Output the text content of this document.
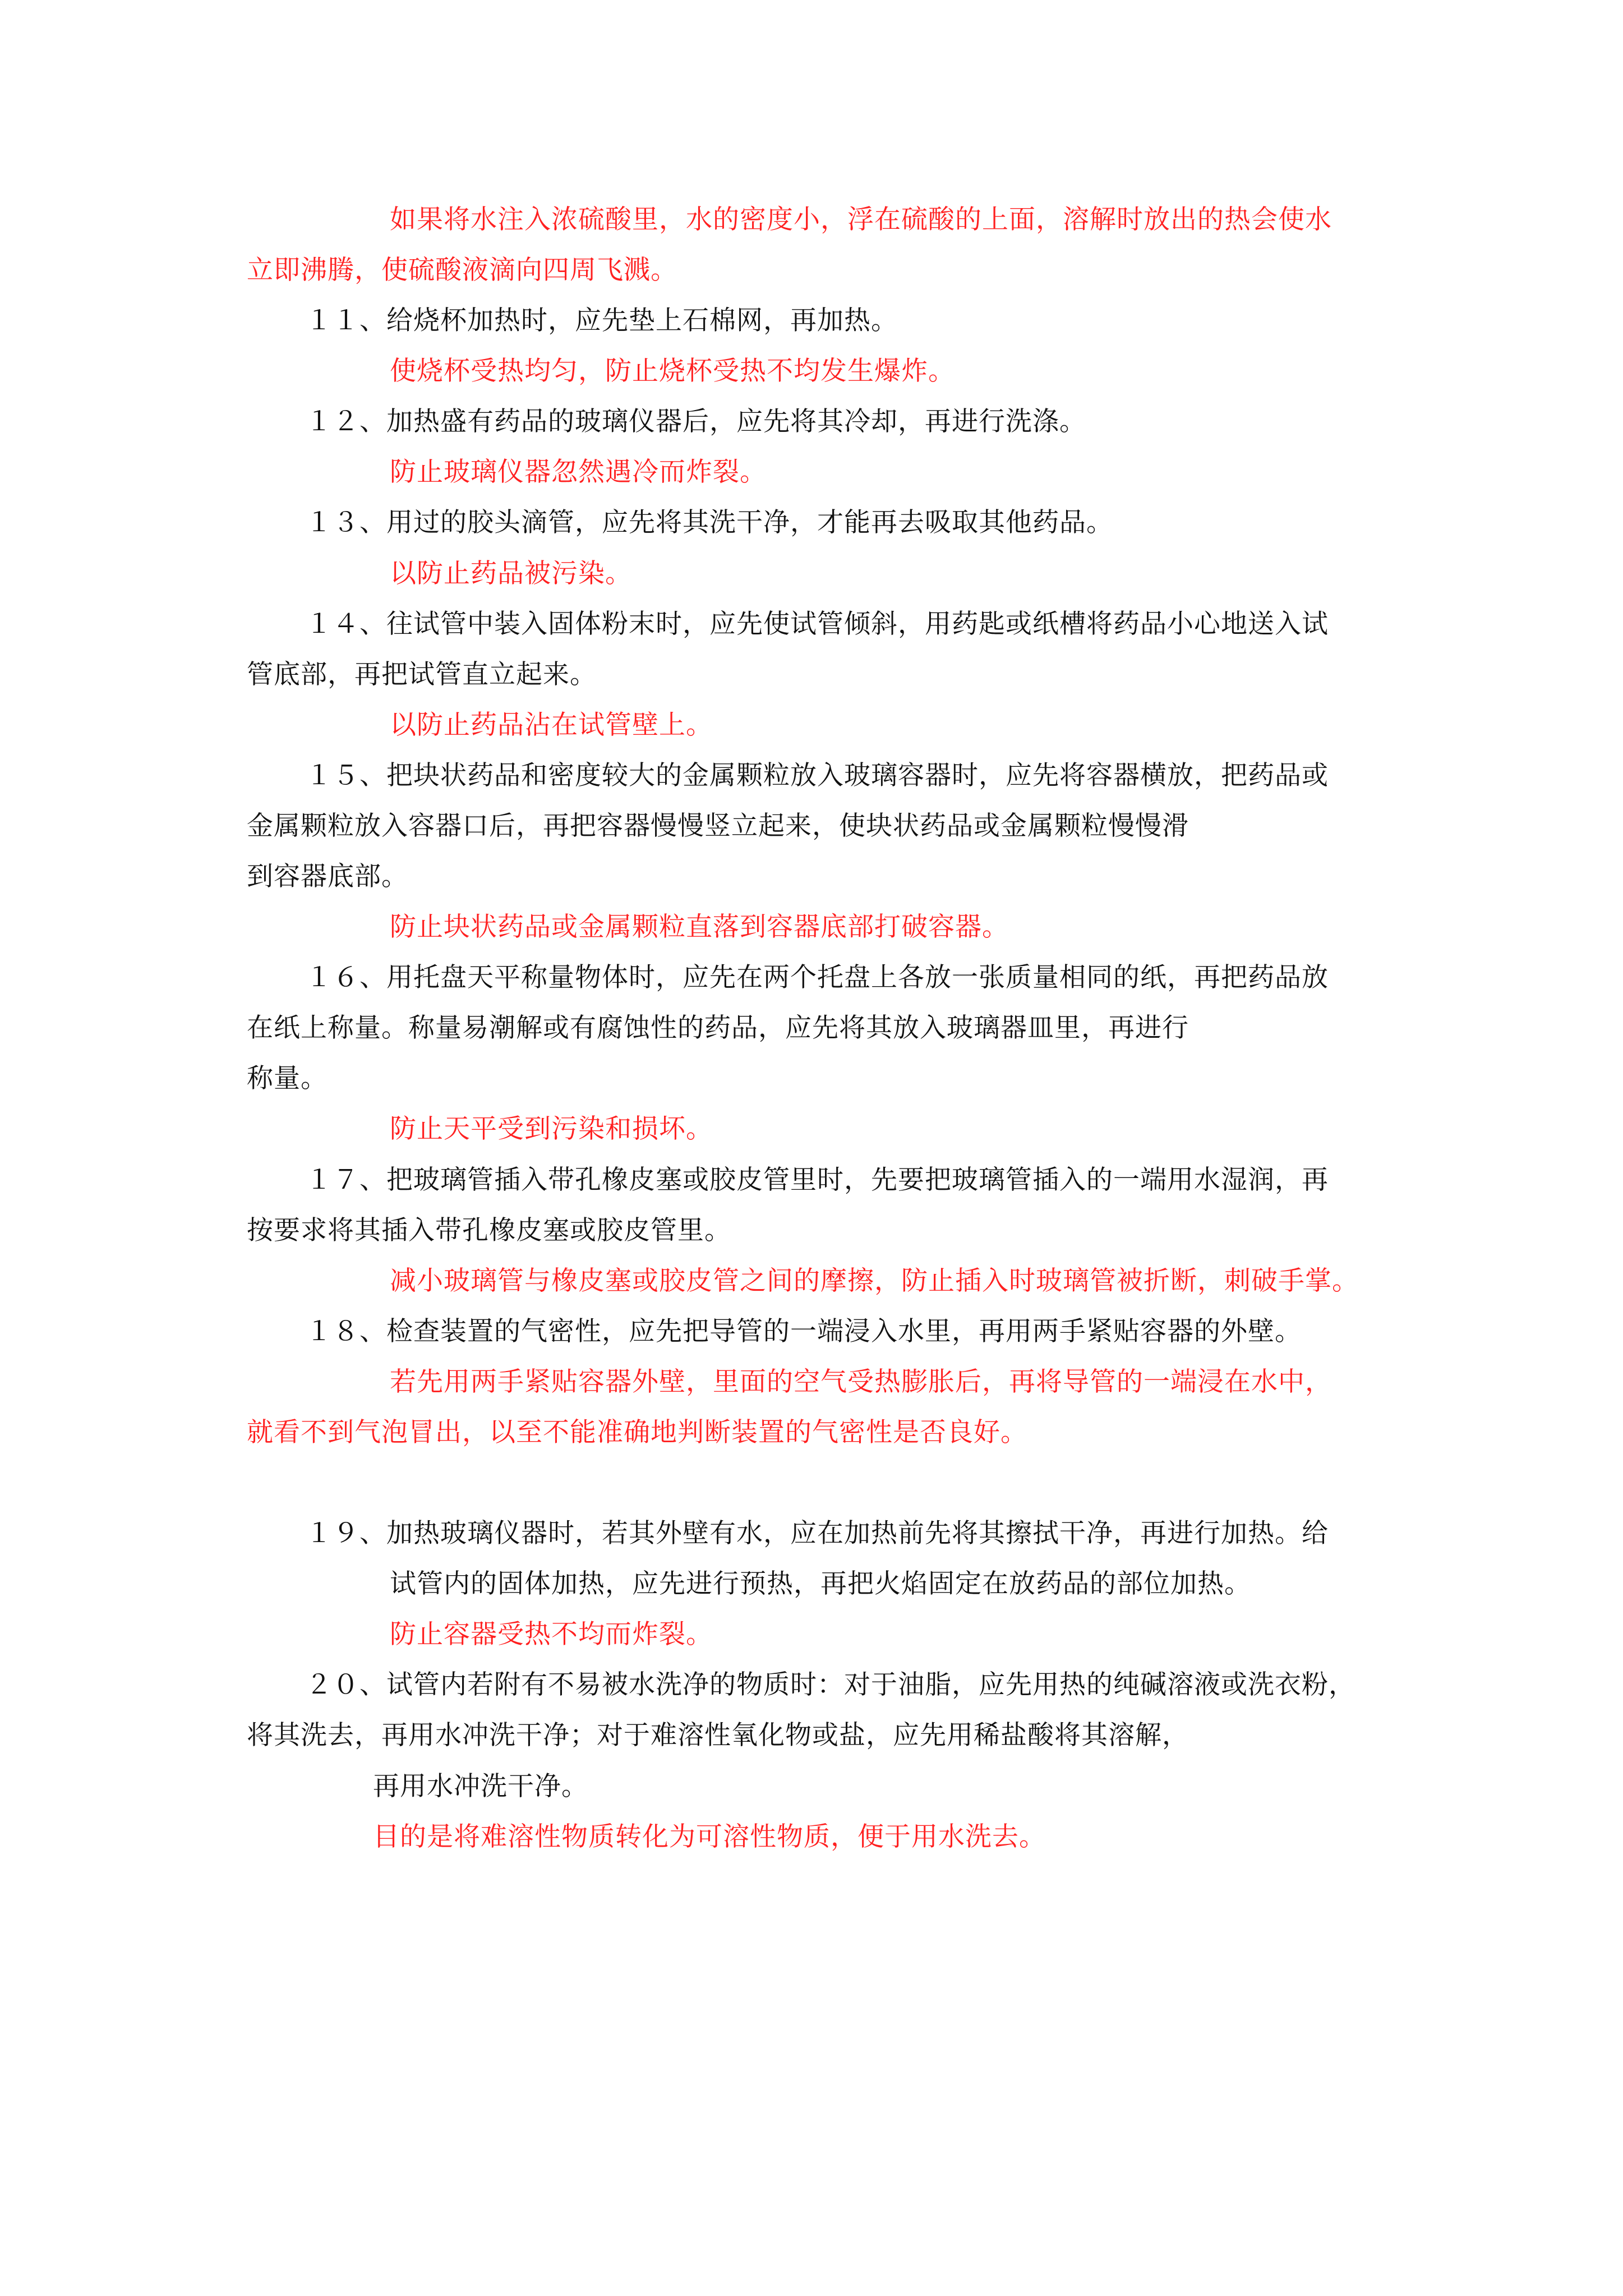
如果将水注入浓硫酸里，水的密度小，浮在硫酸的上面，溶解时放出的热会使水

立即沸腾，使硫酸液滴向四周飞溅。

１１、给烧杯加热时，应先垫上石棉网，再加热。

使烧杯受热均匀，防止烧杯受热不均发生爆炸。

１２、加热盛有药品的玻璃仪器后，应先将其冷却，再进行洗涤。

防止玻璃仪器忽然遇冷而炸裂。

１３、用过的胶头滴管，应先将其洗干净，才能再去吸取其他药品。

以防止药品被污染。

１４、往试管中装入固体粉末时，应先使试管倾斜，用药匙或纸槽将药品小心地送入试

管底部，再把试管直立起来。

以防止药品沾在试管壁上。

１５、把块状药品和密度较大的金属颗粒放入玻璃容器时，应先将容器横放，把药品或

金属颗粒放入容器口后，再把容器慢慢竖立起来，使块状药品或金属颗粒慢慢滑

到容器底部。

防止块状药品或金属颗粒直落到容器底部打破容器。

１６、用托盘天平称量物体时，应先在两个托盘上各放一张质量相同的纸，再把药品放

在纸上称量。称量易潮解或有腐蚀性的药品，应先将其放入玻璃器皿里，再进行

称量。

防止天平受到污染和损坏。

１７、把玻璃管插入带孔橡皮塞或胶皮管里时，先要把玻璃管插入的一端用水湿润，再

按要求将其插入带孔橡皮塞或胶皮管里。

减小玻璃管与橡皮塞或胶皮管之间的摩擦，防止插入时玻璃管被折断，刺破手掌。

１８、检查装置的气密性，应先把导管的一端浸入水里，再用两手紧贴容器的外壁。

若先用两手紧贴容器外壁，里面的空气受热膨胀后，再将导管的一端浸在水中，

就看不到气泡冒出，以至不能准确地判断装置的气密性是否良好。

１９、加热玻璃仪器时，若其外壁有水，应在加热前先将其擦拭干净，再进行加热。给

试管内的固体加热，应先进行预热，再把火焰固定在放药品的部位加热。

防止容器受热不均而炸裂。

２０、试管内若附有不易被水洗净的物质时：对于油脂，应先用热的纯碱溶液或洗衣粉，

将其洗去，再用水冲洗干净；对于难溶性氧化物或盐，应先用稀盐酸将其溶解，

再用水冲洗干净。

目的是将难溶性物质转化为可溶性物质，便于用水洗去。
